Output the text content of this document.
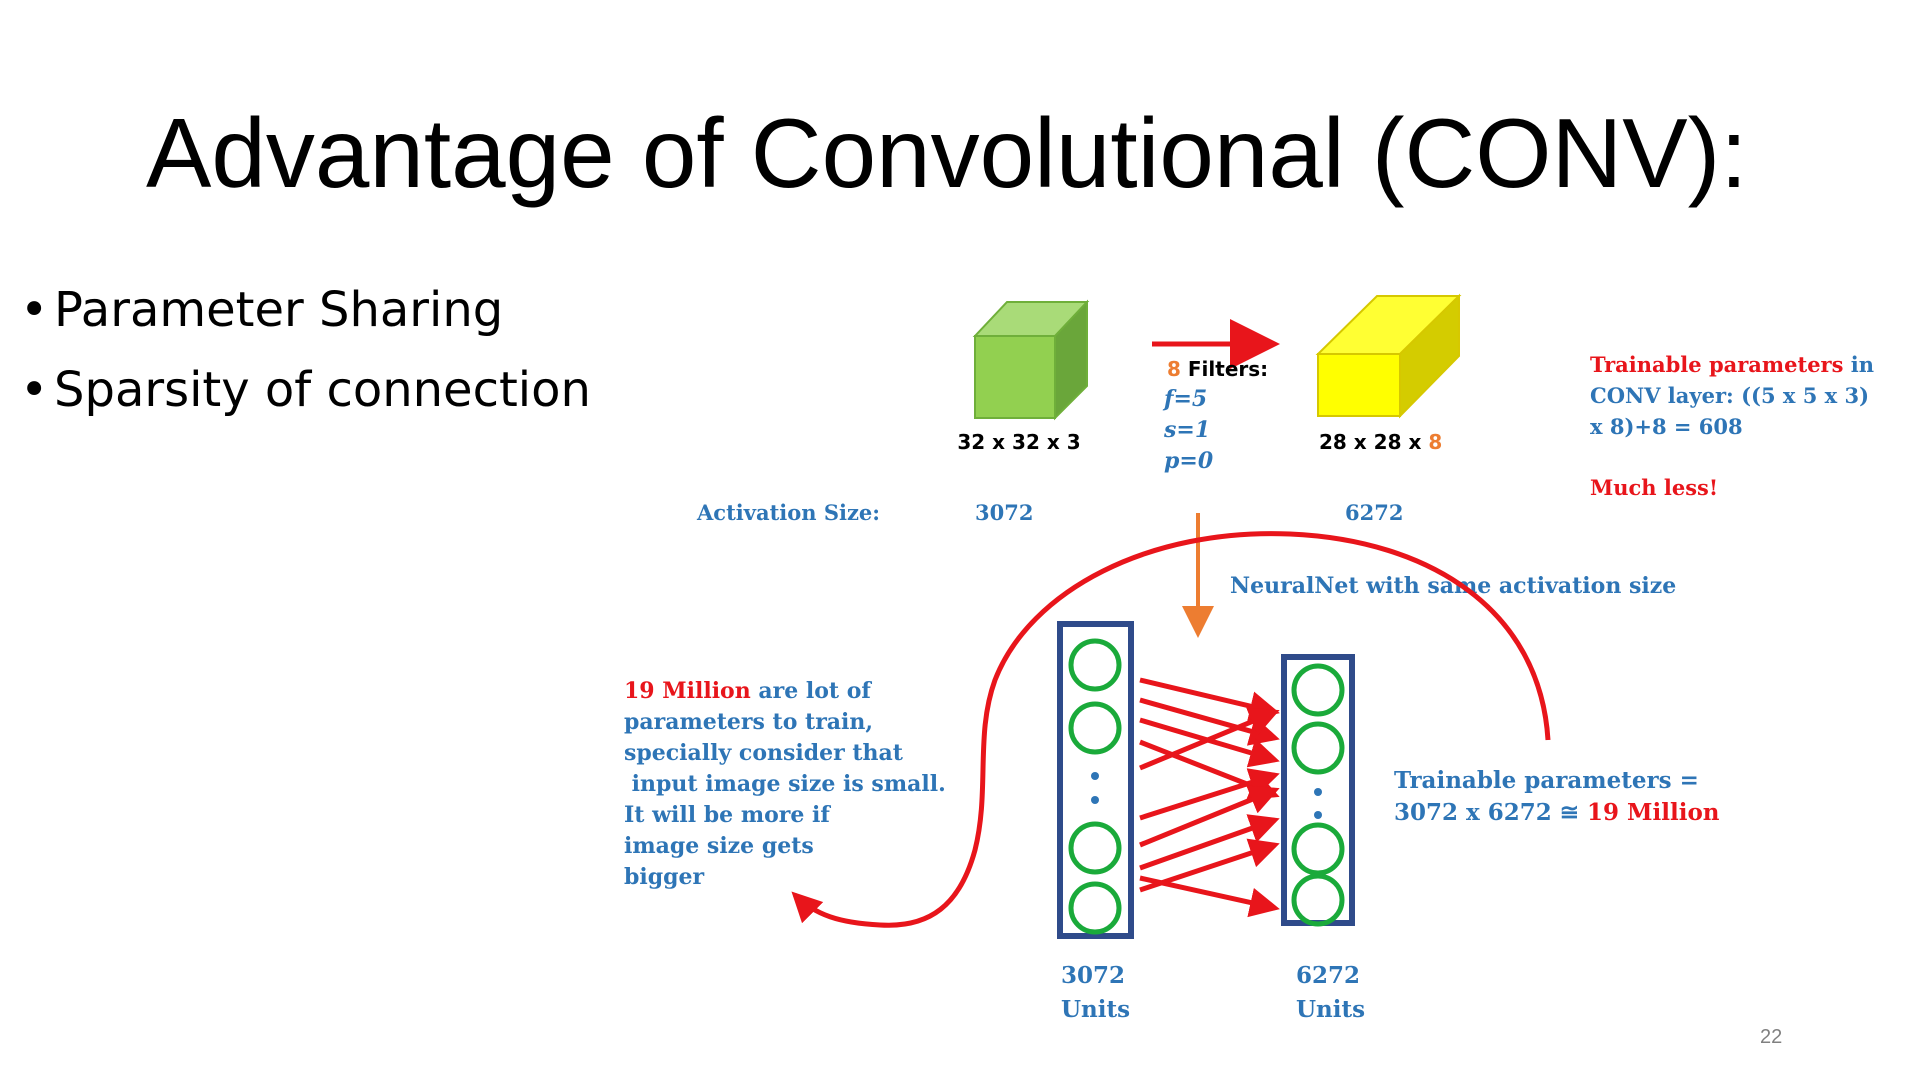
Advantage of Convolutional (CONV):
• Parameter Sharing
• Sparsity of connection
32 x 32 x 3	28 x 28 x 8
8 Filters:
f=5
s=1
p=0
Trainable parameters in
CONV layer: ((5 x 5 x 3)
x 8)+8 = 608
Much less!
Activation Size:	3072	6272
NeuralNet with same activation size
3072
Units
6272
Units
19 Million are lot of
parameters to train,
specially consider that
input image size is small.
It will be more if
image size gets
bigger
Trainable parameters =
3072 x 6272 ≅ 19 Million
22
